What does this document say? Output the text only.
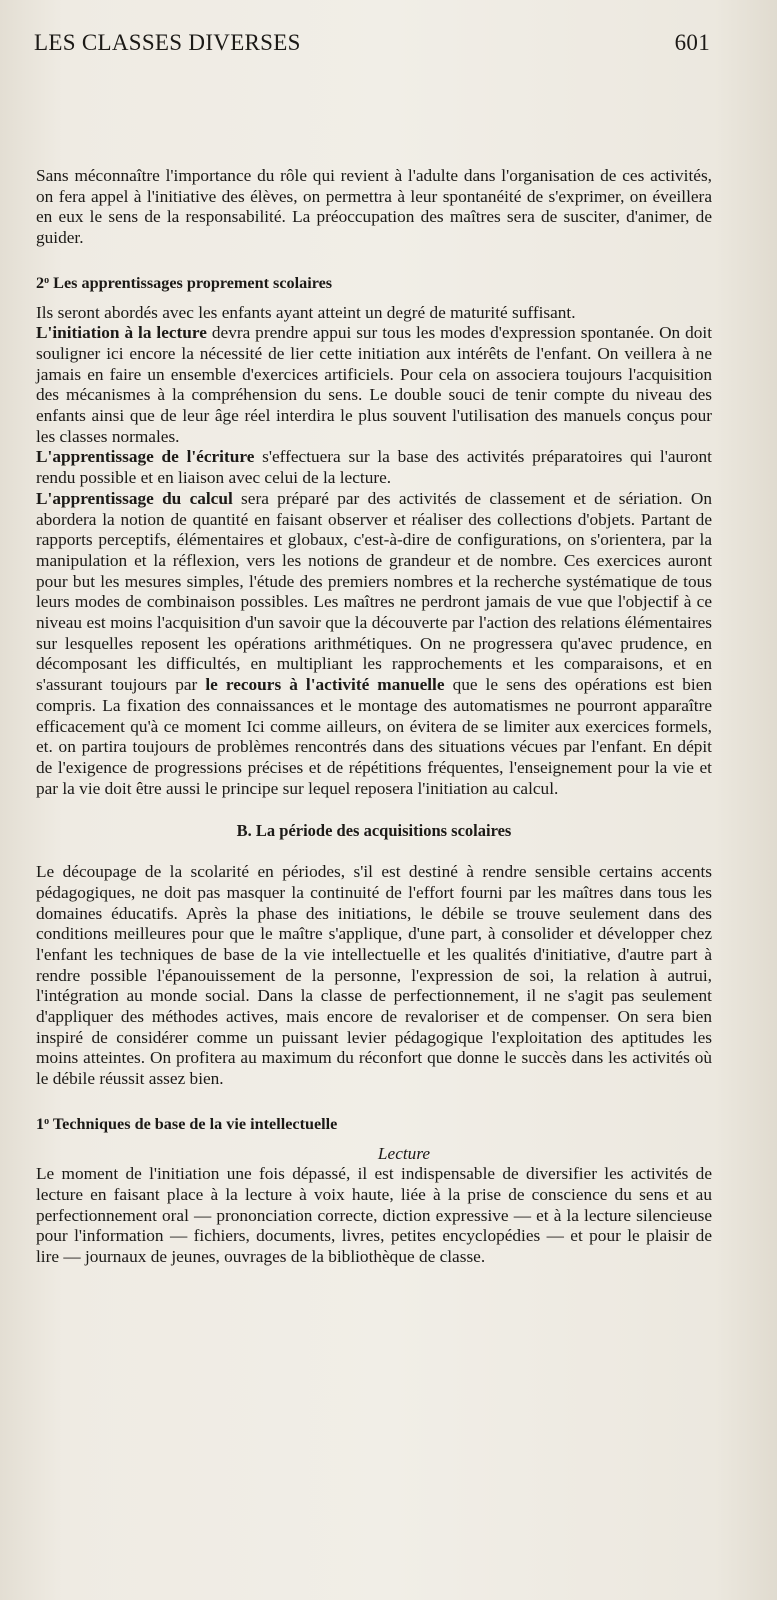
LES CLASSES DIVERSES	601

Sans méconnaître l'importance du rôle qui revient à l'adulte dans l'organisation de ces activités, on fera appel à l'initiative des élèves, on permettra à leur spontanéité de s'exprimer, on éveillera en eux le sens de la responsabilité. La préoccupation des maîtres sera de susciter, d'animer, de guider.

2$^o$ Les apprentissages proprement scolaires

Ils seront abordés avec les enfants ayant atteint un degré de maturité suffisant.

L'initiation à la lecture devra prendre appui sur tous les modes d'expression spontanée. On doit souligner ici encore la nécessité de lier cette initiation aux intérêts de l'enfant. On veillera à ne jamais en faire un ensemble d'exercices artificiels. Pour cela on associera toujours l'acquisition des mécanismes à la compréhension du sens. Le double souci de tenir compte du niveau des enfants ainsi que de leur âge réel interdira le plus souvent l'utilisation des manuels conçus pour les classes normales.

L'apprentissage de l'écriture s'effectuera sur la base des activités préparatoires qui l'auront rendu possible et en liaison avec celui de la lecture.

L'apprentissage du calcul sera préparé par des activités de classement et de sériation. On abordera la notion de quantité en faisant observer et réaliser des collections d'objets. Partant de rapports perceptifs, élémentaires et globaux, c'est-à-dire de configurations, on s'orientera, par la manipulation et la réflexion, vers les notions de grandeur et de nombre. Ces exercices auront pour but les mesures simples, l'étude des premiers nombres et la recherche systématique de tous leurs modes de combinaison possibles. Les maîtres ne perdront jamais de vue que l'objectif à ce niveau est moins l'acquisition d'un savoir que la découverte par l'action des relations élémentaires sur lesquelles reposent les opérations arithmétiques. On ne progressera qu'avec prudence, en décomposant les difficultés, en multipliant les rapprochements et les comparaisons, et en s'assurant toujours par le recours à l'activité manuelle que le sens des opérations est bien compris. La fixation des connaissances et le montage des automatismes ne pourront apparaître efficacement qu'à ce moment Ici comme ailleurs, on évitera de se limiter aux exercices formels, et. on partira toujours de problèmes rencontrés dans des situations vécues par l'enfant. En dépit de l'exigence de progressions précises et de répétitions fréquentes, l'enseignement pour la vie et par la vie doit être aussi le principe sur lequel reposera l'initiation au calcul.

B. La période des acquisitions scolaires

Le découpage de la scolarité en périodes, s'il est destiné à rendre sensible certains accents pédagogiques, ne doit pas masquer la continuité de l'effort fourni par les maîtres dans tous les domaines éducatifs. Après la phase des initiations, le débile se trouve seulement dans des conditions meilleures pour que le maître s'applique, d'une part, à consolider et développer chez l'enfant les techniques de base de la vie intellectuelle et les qualités d'initiative, d'autre part à rendre possible l'épanouissement de la personne, l'expression de soi, la relation à autrui, l'intégration au monde social. Dans la classe de perfectionnement, il ne s'agit pas seulement d'appliquer des méthodes actives, mais encore de revaloriser et de compenser. On sera bien inspiré de considérer comme un puissant levier pédagogique l'exploitation des aptitudes les moins atteintes. On profitera au maximum du réconfort que donne le succès dans les activités où le débile réussit assez bien.

1$^o$ Techniques de base de la vie intellectuelle
Lecture

Le moment de l'initiation une fois dépassé, il est indispensable de diversifier les activités de lecture en faisant place à la lecture à voix haute, liée à la prise de conscience du sens et au perfectionnement oral — prononciation correcte, diction expressive — et à la lecture silencieuse pour l'information — fichiers, documents, livres, petites encyclopédies — et pour le plaisir de lire — journaux de jeunes, ouvrages de la bibliothèque de classe.
